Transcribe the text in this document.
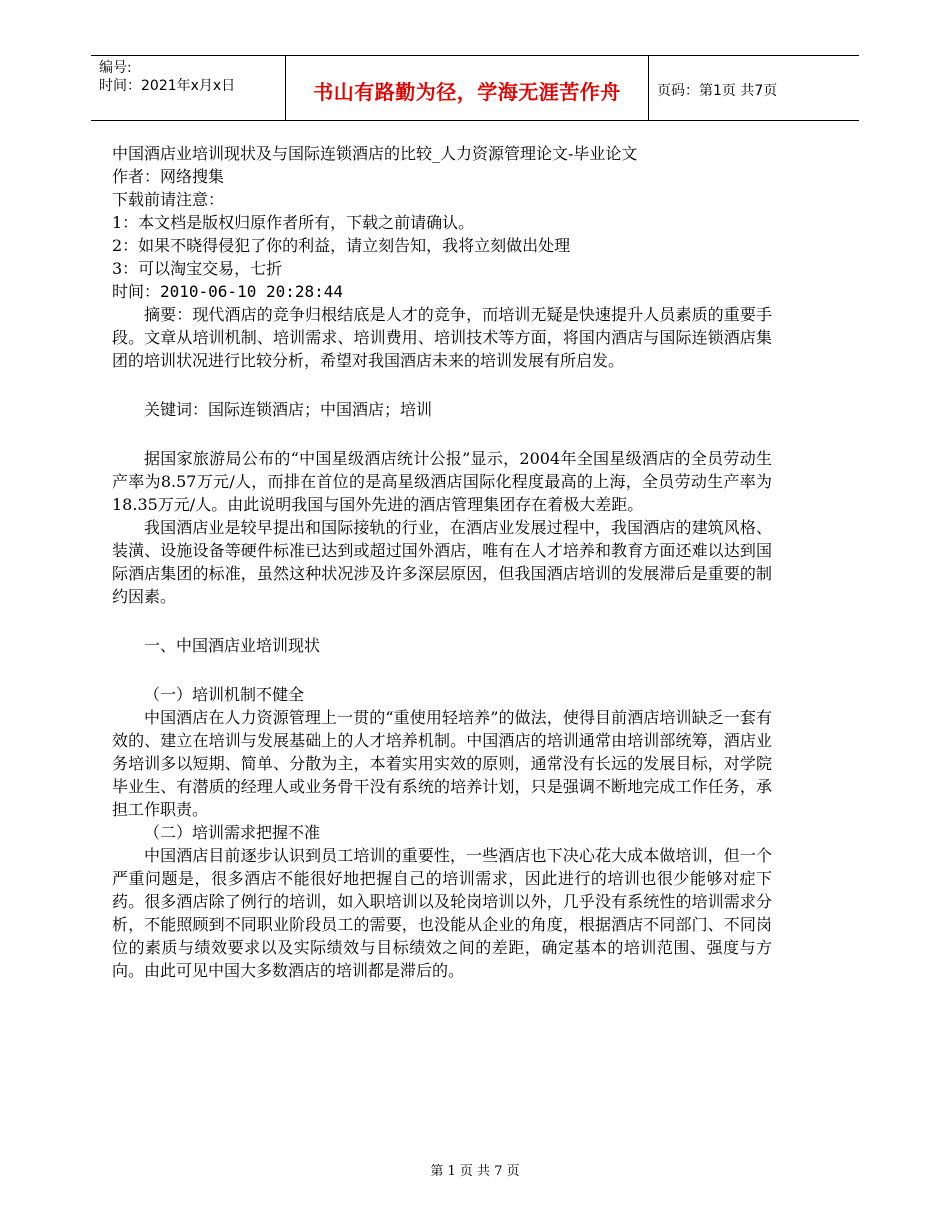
编号:
时间：2021年x月x日	书山有路勤为径，学海无涯苦作舟	页码：第1页 共7页
中国酒店业培训现状及与国际连锁酒店的比较_人力资源管理论文-毕业论文
作者：网络搜集
下载前请注意：
1：本文档是版权归原作者所有，下载之前请确认。
2：如果不晓得侵犯了你的利益，请立刻告知，我将立刻做出处理
3：可以淘宝交易，七折
时间：2010-06-10 20:28:44
摘要：现代酒店的竞争归根结底是人才的竞争，而培训无疑是快速提升人员素质的重要手段。文章从培训机制、培训需求、培训费用、培训技术等方面，将国内酒店与国际连锁酒店集团的培训状况进行比较分析，希望对我国酒店未来的培训发展有所启发。
关键词：国际连锁酒店；中国酒店；培训
据国家旅游局公布的“中国星级酒店统计公报”显示，2004年全国星级酒店的全员劳动生产率为8.57万元/人，而排在首位的是高星级酒店国际化程度最高的上海，全员劳动生产率为18.35万元/人。由此说明我国与国外先进的酒店管理集团存在着极大差距。
我国酒店业是较早提出和国际接轨的行业，在酒店业发展过程中，我国酒店的建筑风格、装潢、设施设备等硬件标准已达到或超过国外酒店，唯有在人才培养和教育方面还难以达到国际酒店集团的标准，虽然这种状况涉及许多深层原因，但我国酒店培训的发展滞后是重要的制约因素。
一、中国酒店业培训现状
（一）培训机制不健全
中国酒店在人力资源管理上一贯的“重使用轻培养”的做法，使得目前酒店培训缺乏一套有效的、建立在培训与发展基础上的人才培养机制。中国酒店的培训通常由培训部统筹，酒店业务培训多以短期、简单、分散为主，本着实用实效的原则，通常没有长远的发展目标，对学院毕业生、有潜质的经理人或业务骨干没有系统的培养计划，只是强调不断地完成工作任务，承担工作职责。
（二）培训需求把握不准
中国酒店目前逐步认识到员工培训的重要性，一些酒店也下决心花大成本做培训，但一个严重问题是，很多酒店不能很好地把握自己的培训需求，因此进行的培训也很少能够对症下药。很多酒店除了例行的培训，如入职培训以及轮岗培训以外，几乎没有系统性的培训需求分析，不能照顾到不同职业阶段员工的需要，也没能从企业的角度，根据酒店不同部门、不同岗位的素质与绩效要求以及实际绩效与目标绩效之间的差距，确定基本的培训范围、强度与方向。由此可见中国大多数酒店的培训都是滞后的。
第 1 页 共 7 页
